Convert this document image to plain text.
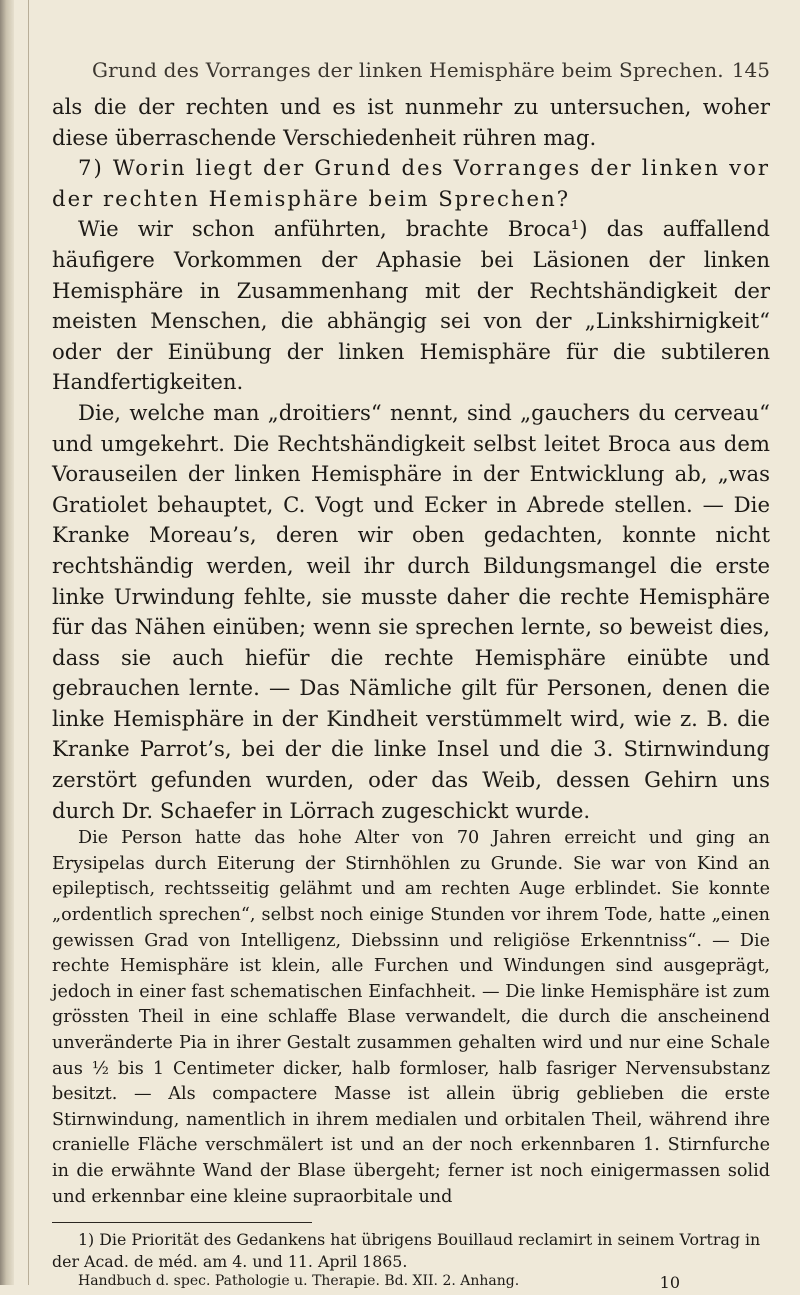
Grund des Vorranges der linken Hemisphäre beim Sprechen. 145

als die der rechten und es ist nunmehr zu untersuchen, woher diese überraschende Verschiedenheit rühren mag.

7) Worin liegt der Grund des Vorranges der linken vor der rechten Hemisphäre beim Sprechen?

Wie wir schon anführten, brachte Broca¹) das auffallend häufigere Vorkommen der Aphasie bei Läsionen der linken Hemisphäre in Zusammenhang mit der Rechtshändigkeit der meisten Menschen, die abhängig sei von der „Linkshirnigkeit“ oder der Einübung der linken Hemisphäre für die subtileren Handfertigkeiten.

Die, welche man „droitiers“ nennt, sind „gauchers du cerveau“ und umgekehrt. Die Rechtshändigkeit selbst leitet Broca aus dem Vorauseilen der linken Hemisphäre in der Entwicklung ab, „was Gratiolet behauptet, C. Vogt und Ecker in Abrede stellen. — Die Kranke Moreau’s, deren wir oben gedachten, konnte nicht rechtshändig werden, weil ihr durch Bildungsmangel die erste linke Urwindung fehlte, sie musste daher die rechte Hemisphäre für das Nähen einüben; wenn sie sprechen lernte, so beweist dies, dass sie auch hiefür die rechte Hemisphäre einübte und gebrauchen lernte. — Das Nämliche gilt für Personen, denen die linke Hemisphäre in der Kindheit verstümmelt wird, wie z. B. die Kranke Parrot’s, bei der die linke Insel und die 3. Stirnwindung zerstört gefunden wurden, oder das Weib, dessen Gehirn uns durch Dr. Schaefer in Lörrach zugeschickt wurde.

Die Person hatte das hohe Alter von 70 Jahren erreicht und ging an Erysipelas durch Eiterung der Stirnhöhlen zu Grunde. Sie war von Kind an epileptisch, rechtsseitig gelähmt und am rechten Auge erblindet. Sie konnte „ordentlich sprechen“, selbst noch einige Stunden vor ihrem Tode, hatte „einen gewissen Grad von Intelligenz, Diebssinn und religiöse Erkenntniss“. — Die rechte Hemisphäre ist klein, alle Furchen und Windungen sind ausgeprägt, jedoch in einer fast schematischen Einfachheit. — Die linke Hemisphäre ist zum grössten Theil in eine schlaffe Blase verwandelt, die durch die anscheinend unveränderte Pia in ihrer Gestalt zusammen gehalten wird und nur eine Schale aus ½ bis 1 Centimeter dicker, halb formloser, halb fasriger Nervensubstanz besitzt. — Als compactere Masse ist allein übrig geblieben die erste Stirnwindung, namentlich in ihrem medialen und orbitalen Theil, während ihre cranielle Fläche verschmälert ist und an der noch erkennbaren 1. Stirnfurche in die erwähnte Wand der Blase übergeht; ferner ist noch einigermassen solid und erkennbar eine kleine supraorbitale und

1) Die Priorität des Gedankens hat übrigens Bouillaud reclamirt in seinem Vortrag in der Acad. de méd. am 4. und 11. April 1865.

Handbuch d. spec. Pathologie u. Therapie. Bd. XII. 2. Anhang.	10
